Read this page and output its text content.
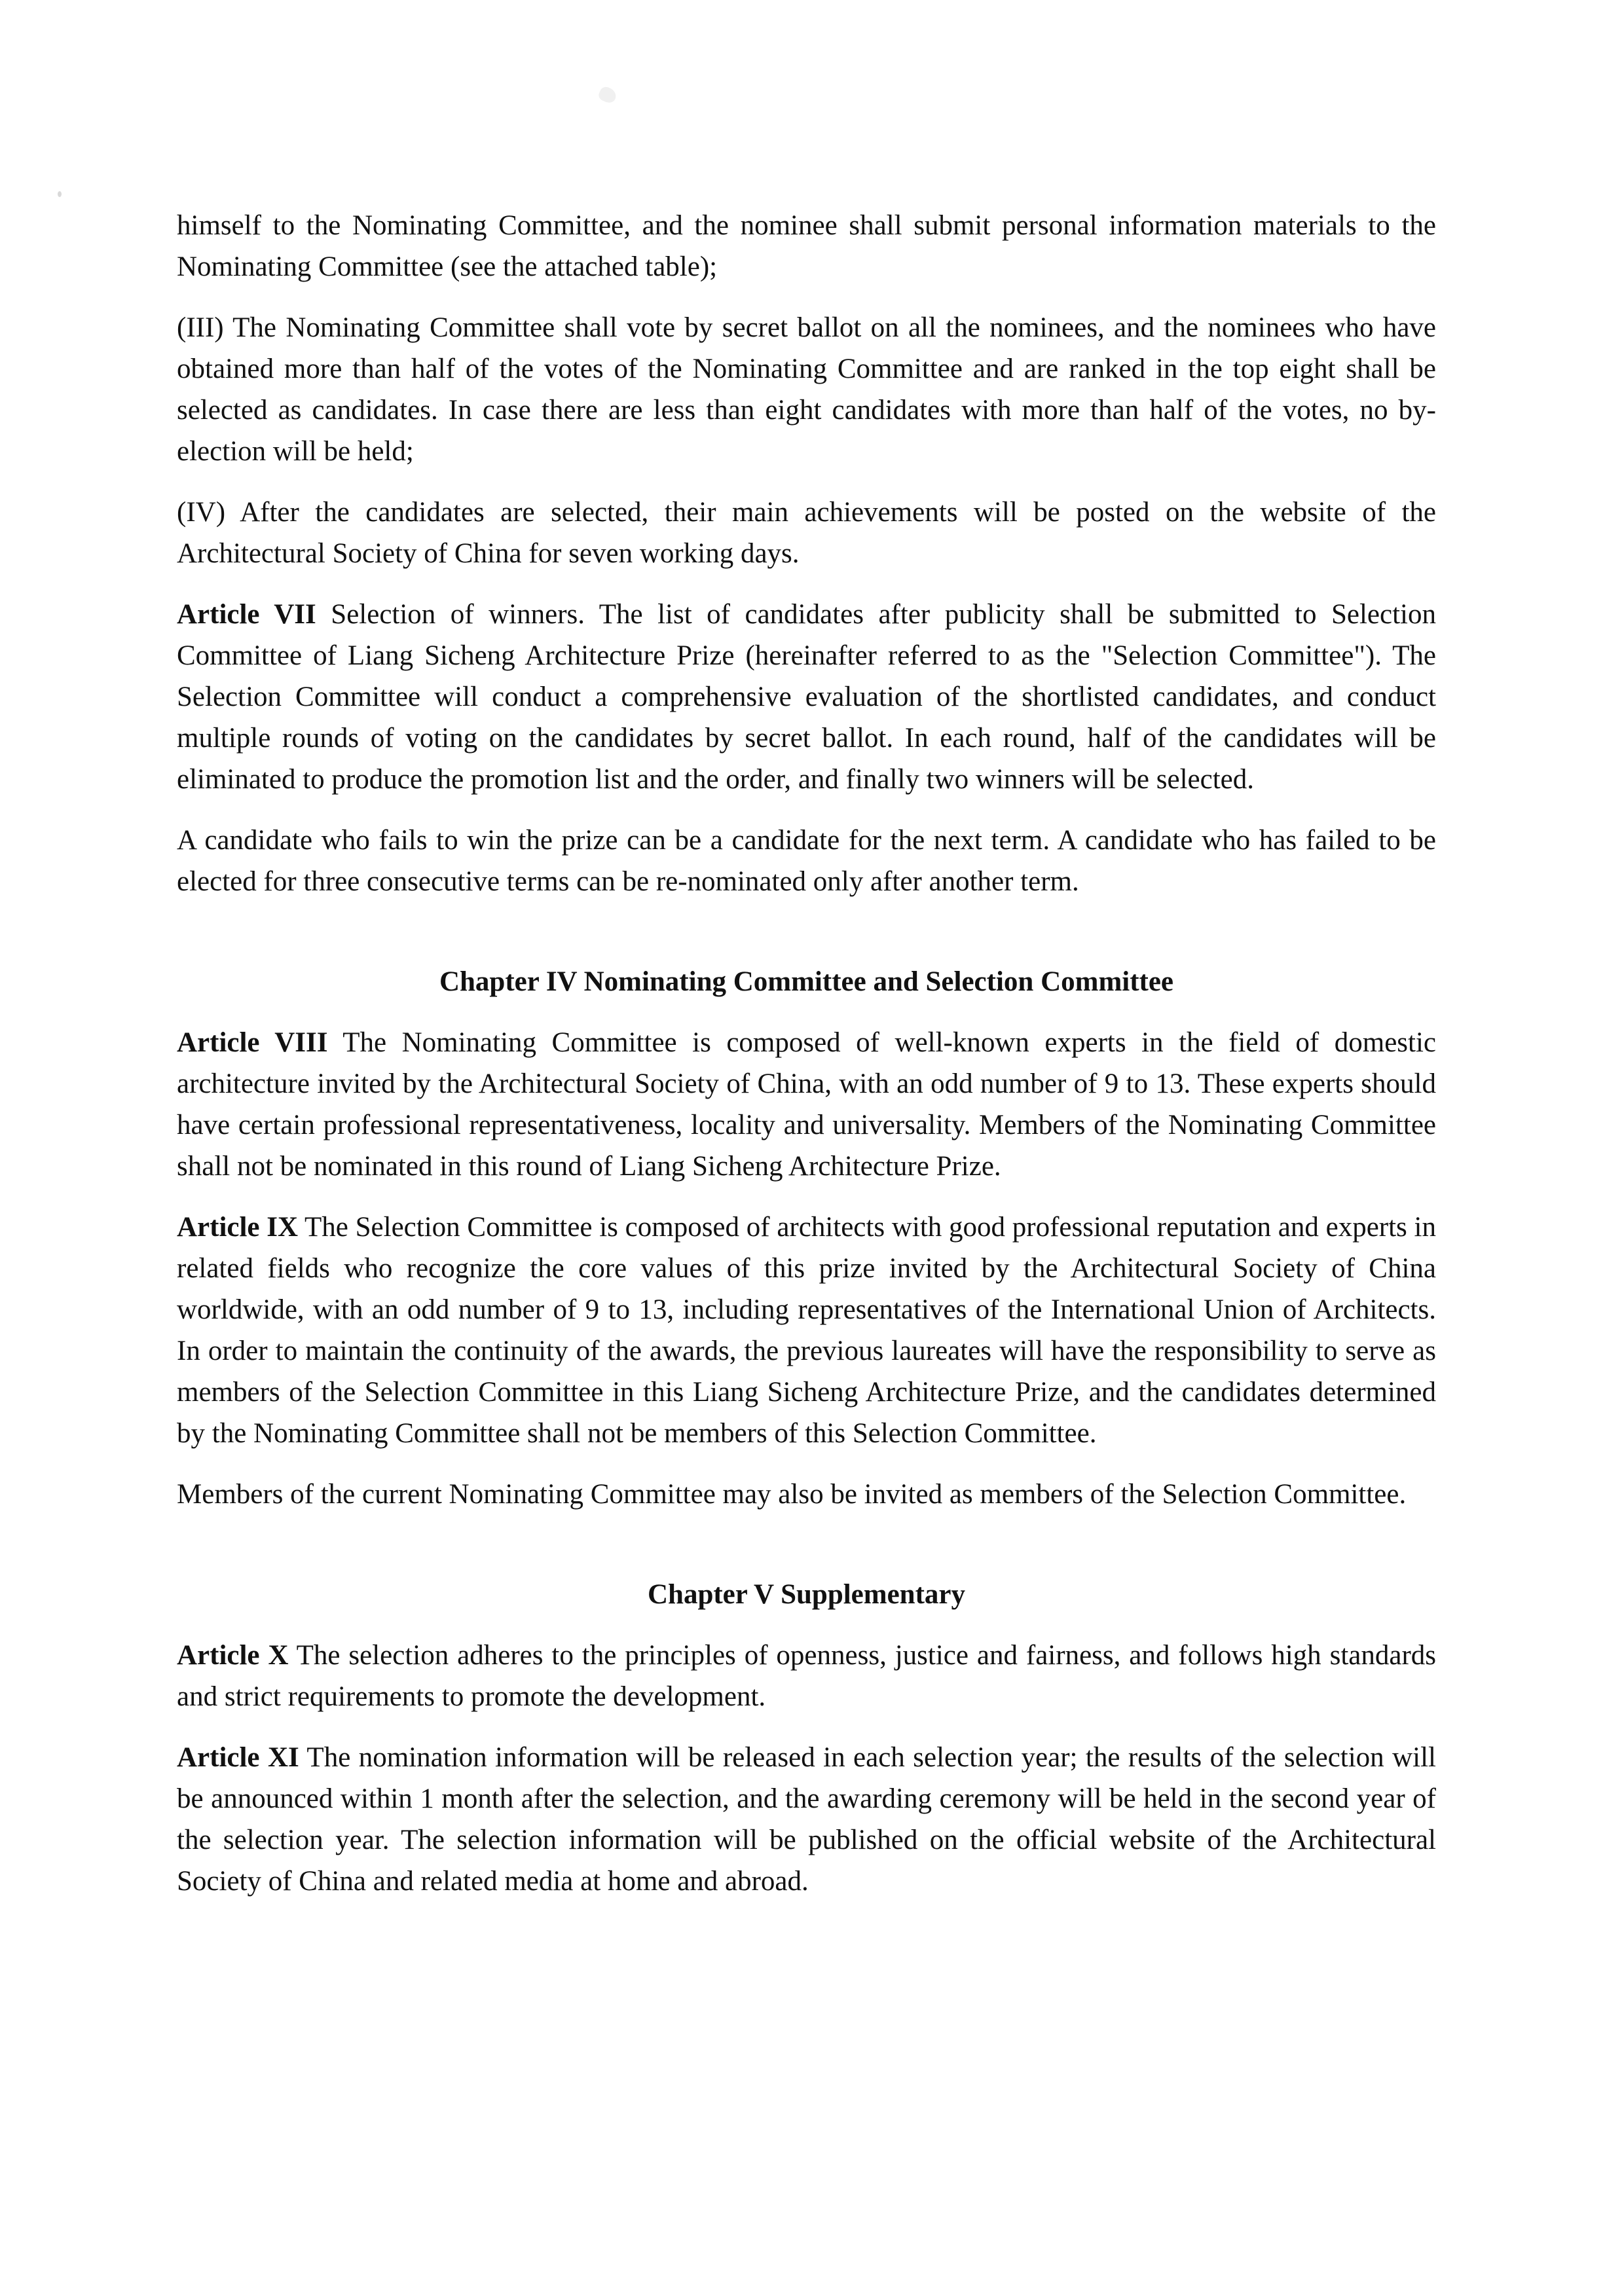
himself to the Nominating Committee, and the nominee shall submit personal information materials to the Nominating Committee (see the attached table);

(III) The Nominating Committee shall vote by secret ballot on all the nominees, and the nominees who have obtained more than half of the votes of the Nominating Committee and are ranked in the top eight shall be selected as candidates. In case there are less than eight candidates with more than half of the votes, no by-election will be held;

(IV) After the candidates are selected, their main achievements will be posted on the website of the Architectural Society of China for seven working days.

Article VII Selection of winners. The list of candidates after publicity shall be submitted to Selection Committee of Liang Sicheng Architecture Prize (hereinafter referred to as the "Selection Committee"). The Selection Committee will conduct a comprehensive evaluation of the shortlisted candidates, and conduct multiple rounds of voting on the candidates by secret ballot. In each round, half of the candidates will be eliminated to produce the promotion list and the order, and finally two winners will be selected.

A candidate who fails to win the prize can be a candidate for the next term. A candidate who has failed to be elected for three consecutive terms can be re-nominated only after another term.

Chapter IV Nominating Committee and Selection Committee

Article VIII The Nominating Committee is composed of well-known experts in the field of domestic architecture invited by the Architectural Society of China, with an odd number of 9 to 13. These experts should have certain professional representativeness, locality and universality. Members of the Nominating Committee shall not be nominated in this round of Liang Sicheng Architecture Prize.

Article IX The Selection Committee is composed of architects with good professional reputation and experts in related fields who recognize the core values of this prize invited by the Architectural Society of China worldwide, with an odd number of 9 to 13, including representatives of the International Union of Architects. In order to maintain the continuity of the awards, the previous laureates will have the responsibility to serve as members of the Selection Committee in this Liang Sicheng Architecture Prize, and the candidates determined by the Nominating Committee shall not be members of this Selection Committee.

Members of the current Nominating Committee may also be invited as members of the Selection Committee.

Chapter V Supplementary

Article X The selection adheres to the principles of openness, justice and fairness, and follows high standards and strict requirements to promote the development.

Article XI The nomination information will be released in each selection year; the results of the selection will be announced within 1 month after the selection, and the awarding ceremony will be held in the second year of the selection year. The selection information will be published on the official website of the Architectural Society of China and related media at home and abroad.
